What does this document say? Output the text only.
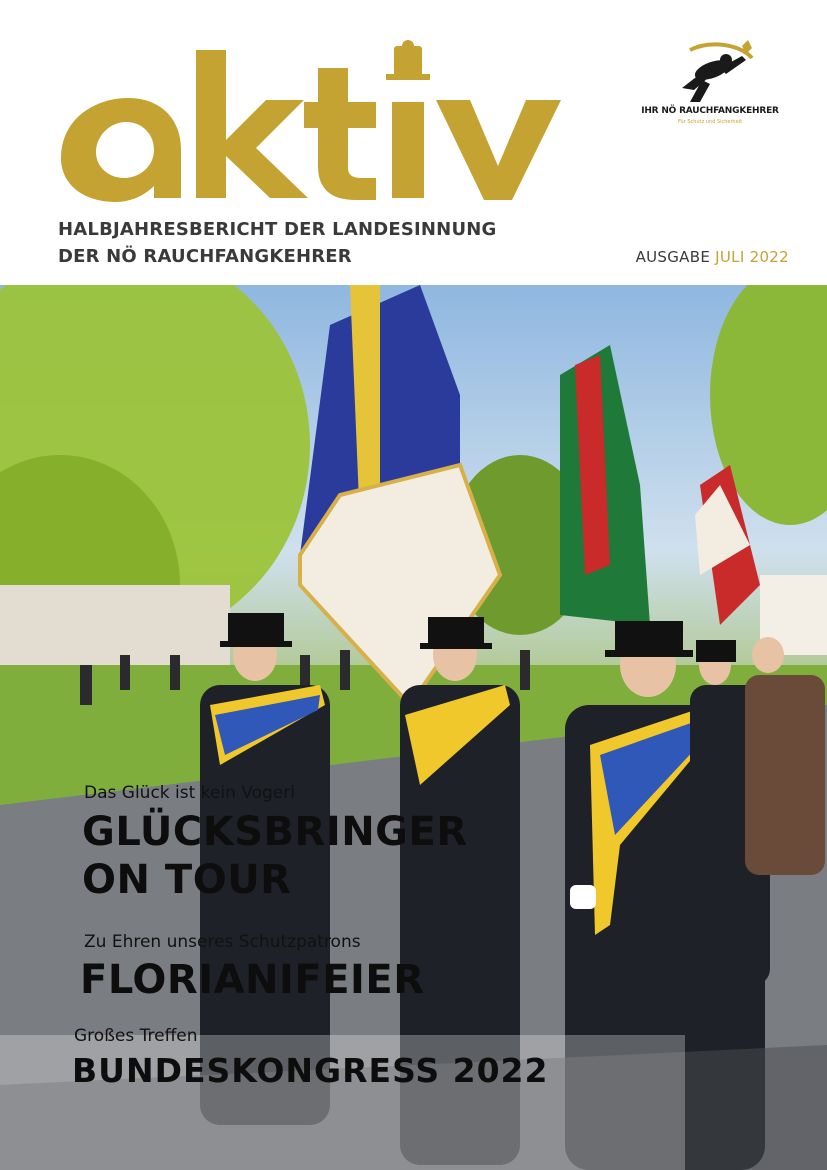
HALBJAHRESBERICHT DER LANDESINNUNG
DER NÖ RAUCHFANGKEHRER	AUSGABE JULI 2022
IHR NÖ RAUCHFANGKEHRER
Für Schutz und Sicherheit
Das Glück ist kein Vogerl
GLÜCKSBRINGER
ON TOUR
Zu Ehren unseres Schutzpatrons
FLORIANIFEIER
Großes Treffen
BUNDESKONGRESS 2022
